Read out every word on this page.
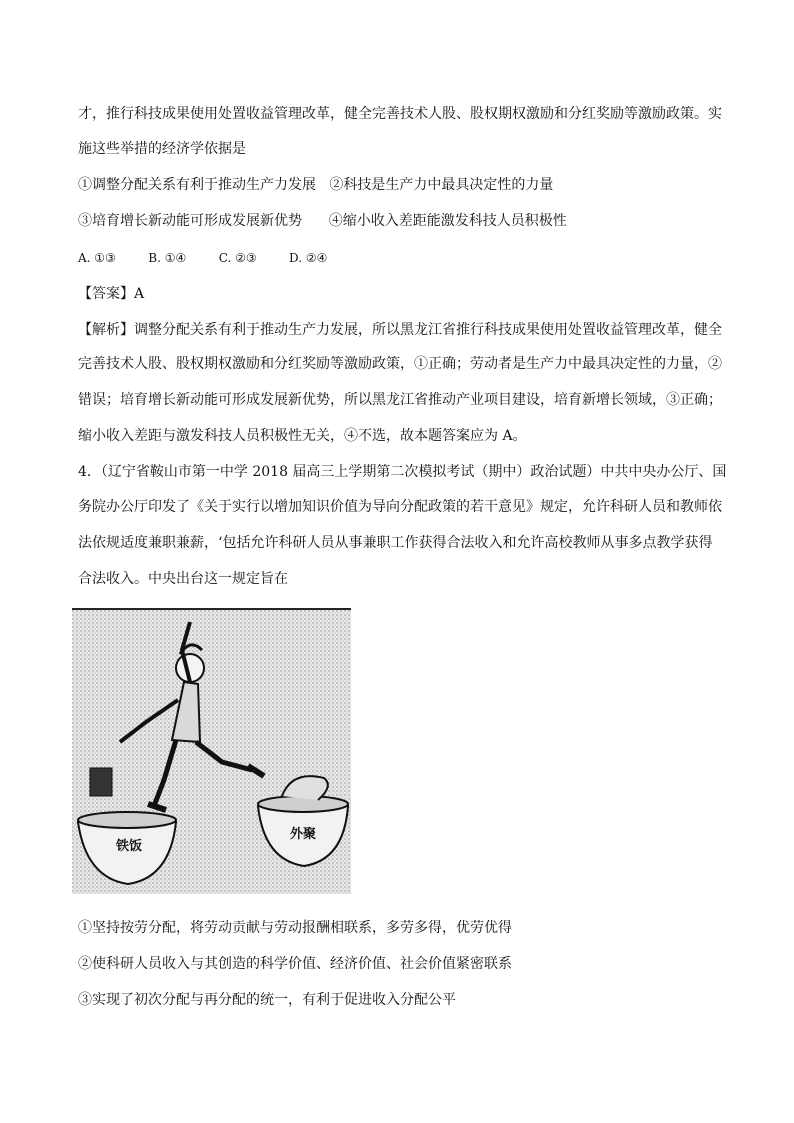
才，推行科技成果使用处置收益管理改革，健全完善技术人股、股权期权激励和分红奖励等激励政策。实
施这些举措的经济学依据是
①调整分配关系有利于推动生产力发展   ②科技是生产力中最具决定性的力量
③培育增长新动能可形成发展新优势      ④缩小收入差距能激发科技人员积极性
A. ①③	B. ①④	C. ②③	D. ②④
【答案】A
【解析】调整分配关系有利于推动生产力发展，所以黑龙江省推行科技成果使用处置收益管理改革，健全
完善技术人股、股权期权激励和分红奖励等激励政策，①正确；劳动者是生产力中最具决定性的力量，②
错误；培育增长新动能可形成发展新优势，所以黑龙江省推动产业项目建设，培育新增长领域，③正确；
缩小收入差距与激发科技人员积极性无关，④不选，故本题答案应为 A。
4．（辽宁省鞍山市第一中学 2018 届高三上学期第二次模拟考试（期中）政治试题）中共中央办公厅、国
务院办公厅印发了《关于实行以增加知识价值为导向分配政策的若干意见》规定，允许科研人员和教师依
法依规适度兼职兼薪，‘包括允许科研人员从事兼职工作获得合法收入和允许高校教师从事多点教学获得
合法收入。中央出台这一规定旨在
铁饭
外聚
①坚持按劳分配，将劳动贡献与劳动报酬相联系，多劳多得，优劳优得
②使科研人员收入与其创造的科学价值、经济价值、社会价值紧密联系
③实现了初次分配与再分配的统一，有利于促进收入分配公平
